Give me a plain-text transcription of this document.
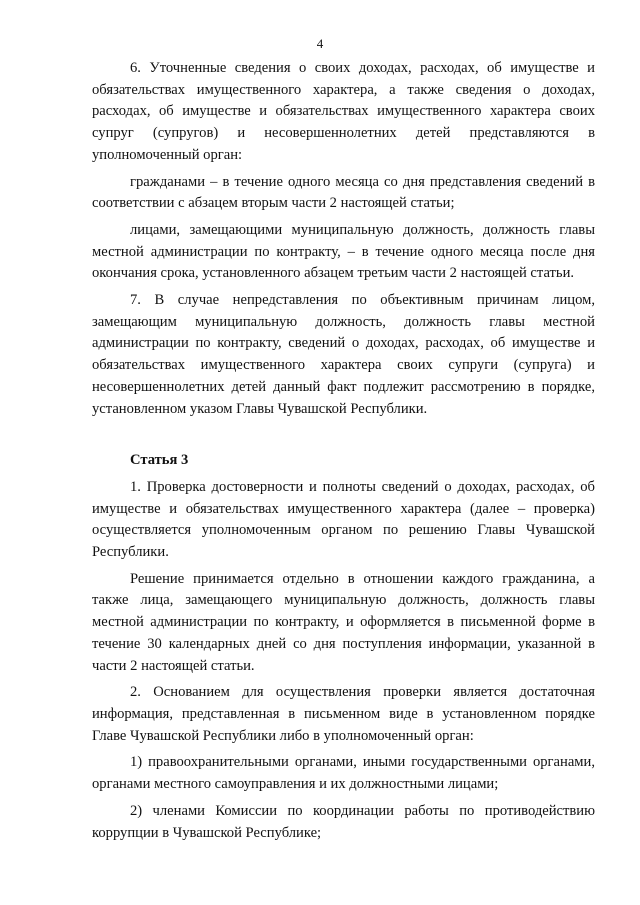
4

6. Уточненные сведения о своих доходах, расходах, об имуществе и обязательствах имущественного характера, а также сведения о доходах, расходах, об имуществе и обязательствах имущественного характера своих супруг (супругов) и несовершеннолетних детей представляются в уполномоченный орган:

гражданами – в течение одного месяца со дня представления сведений в соответствии с абзацем вторым части 2 настоящей статьи;

лицами, замещающими муниципальную должность, должность главы местной администрации по контракту, – в течение одного месяца после дня окончания срока, установленного абзацем третьим части 2 настоящей статьи.

7. В случае непредставления по объективным причинам лицом, замещающим муниципальную должность, должность главы местной администрации по контракту, сведений о доходах, расходах, об имуществе и обязательствах имущественного характера своих супруги (супруга) и несовершеннолетних детей данный факт подлежит рассмотрению в порядке, установленном указом Главы Чувашской Республики.

Статья 3

1. Проверка достоверности и полноты сведений о доходах, расходах, об имуществе и обязательствах имущественного характера (далее – проверка) осуществляется уполномоченным органом по решению Главы Чувашской Республики.

Решение принимается отдельно в отношении каждого гражданина, а также лица, замещающего муниципальную должность, должность главы местной администрации по контракту, и оформляется в письменной форме в течение 30 календарных дней со дня поступления информации, указанной в части 2 настоящей статьи.

2. Основанием для осуществления проверки является достаточная информация, представленная в письменном виде в установленном порядке Главе Чувашской Республики либо в уполномоченный орган:

1) правоохранительными органами, иными государственными органами, органами местного самоуправления и их должностными лицами;

2) членами Комиссии по координации работы по противодействию коррупции в Чувашской Республике;
